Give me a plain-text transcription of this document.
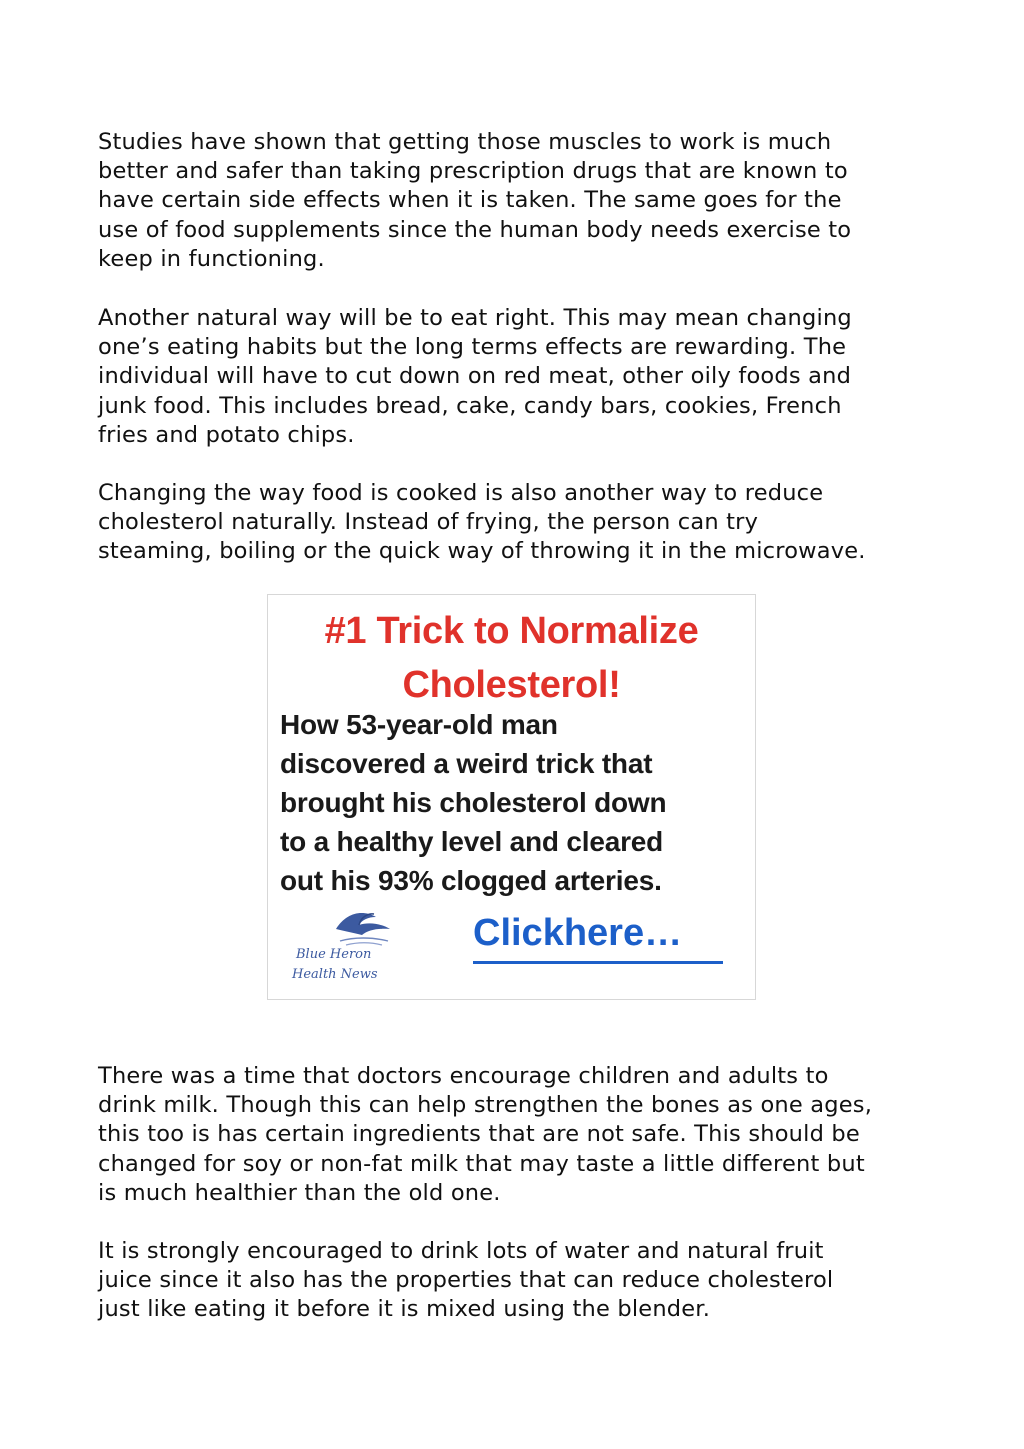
Studies have shown that getting those muscles to work is much
better and safer than taking prescription drugs that are known to
have certain side effects when it is taken. The same goes for the
use of food supplements since the human body needs exercise to
keep in functioning.

Another natural way will be to eat right. This may mean changing
one’s eating habits but the long terms effects are rewarding. The
individual will have to cut down on red meat, other oily foods and
junk food. This includes bread, cake, candy bars, cookies, French
fries and potato chips.

Changing the way food is cooked is also another way to reduce
cholesterol naturally. Instead of frying, the person can try
steaming, boiling or the quick way of throwing it in the microwave.

#1 Trick to Normalize
Cholesterol!

How 53-year-old man
discovered a weird trick that
brought his cholesterol down
to a healthy level and cleared
out his 93% clogged arteries.

Blue Heron
Health News
Clickhere…

There was a time that doctors encourage children and adults to
drink milk. Though this can help strengthen the bones as one ages,
this too is has certain ingredients that are not safe. This should be
changed for soy or non-fat milk that may taste a little different but
is much healthier than the old one.

It is strongly encouraged to drink lots of water and natural fruit
juice since it also has the properties that can reduce cholesterol
just like eating it before it is mixed using the blender.
